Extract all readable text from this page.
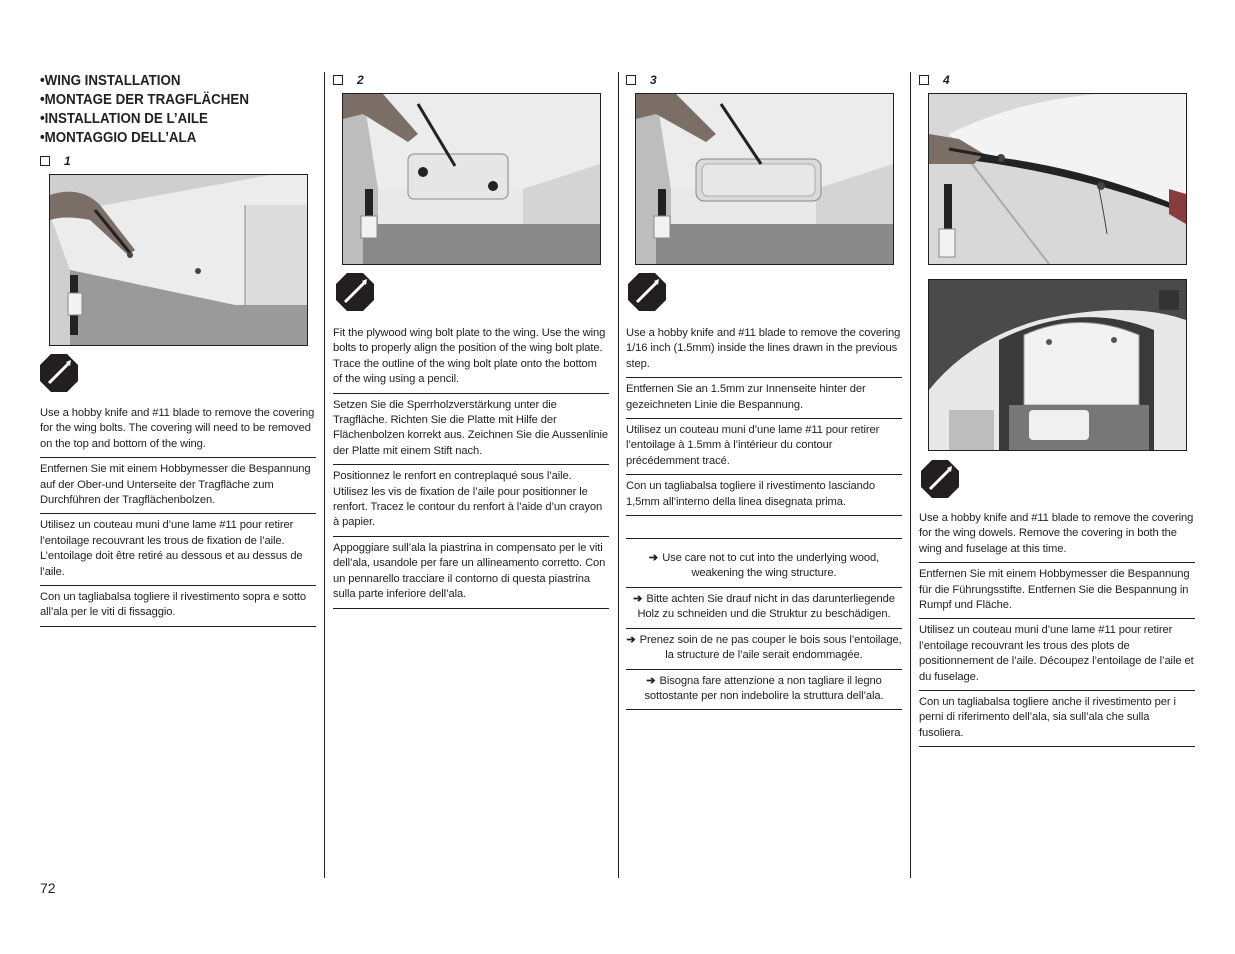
•WING INSTALLATION
•MONTAGE DER TRAGFLÄCHEN
•INSTALLATION DE L’AILE
•MONTAGGIO DELL’ALA
1
Use a hobby knife and #11 blade to remove the covering for the wing bolts. The covering will need to be removed on the top and bottom of the wing.
Entfernen Sie mit einem Hobbymesser die Bespannung auf der Ober-und Unterseite der Tragfläche zum Durchführen der Tragflächenbolzen.
Utilisez un couteau muni d’une lame #11 pour retirer l’entoilage recouvrant les trous de fixation de l’aile. L’entoilage doit être retiré au dessous et au dessus de l’aile.
Con un tagliabalsa togliere il rivestimento sopra e sotto all’ala per le viti di fissaggio.
2
Fit the plywood wing bolt plate to the wing. Use the wing bolts to properly align the position of the wing bolt plate. Trace the outline of the wing bolt plate onto the bottom of the wing using a pencil.
Setzen Sie die Sperrholzverstärkung unter die Tragfläche. Richten Sie die Platte mit Hilfe der Flächenbolzen korrekt aus. Zeichnen Sie die Aussenlinie der Platte mit einem Stift nach.
Positionnez le renfort en contreplaqué sous l’aile. Utilisez les vis de fixation de l’aile pour positionner le renfort. Tracez le contour du renfort à l’aide d’un crayon à papier.
Appoggiare sull’ala la piastrina in compensato per le viti dell’ala, usandole per fare un allineamento corretto. Con un pennarello tracciare il contorno di questa piastrina sulla parte inferiore dell’ala.
3
Use a hobby knife and #11 blade to remove the covering 1/16 inch (1.5mm) inside the lines drawn in the previous step.
Entfernen Sie an 1.5mm zur Innenseite hinter der gezeichneten Linie die Bespannung.
Utilisez un couteau muni d’une lame #11 pour retirer l’entoilage à 1.5mm à l’intérieur du contour précédemment tracé.
Con un tagliabalsa togliere il rivestimento lasciando 1,5mm all’interno della linea disegnata prima.
➔ Use care not to cut into the underlying wood, weakening the wing structure.
➔ Bitte achten Sie drauf nicht in das darunterliegende Holz zu schneiden und die Struktur zu beschädigen.
➔ Prenez soin de ne pas couper le bois sous l’entoilage, la structure de l’aile serait endommagée.
➔ Bisogna fare attenzione a non tagliare il legno sottostante per non indebolire la struttura dell’ala.
4
Use a hobby knife and #11 blade to remove the covering for the wing dowels. Remove the covering in both the wing and fuselage at this time.
Entfernen Sie mit einem Hobbymesser die Bespannung für die Führungsstifte. Entfernen Sie die Bespannung in Rumpf und Fläche.
Utilisez un couteau muni d’une lame #11 pour retirer l’entoilage recouvrant les trous des plots de positionnement de l’aile. Découpez l’entoilage de l’aile et du fuselage.
Con un tagliabalsa togliere anche il rivestimento per i perni di riferimento dell’ala, sia sull’ala che sulla fusoliera.
72
